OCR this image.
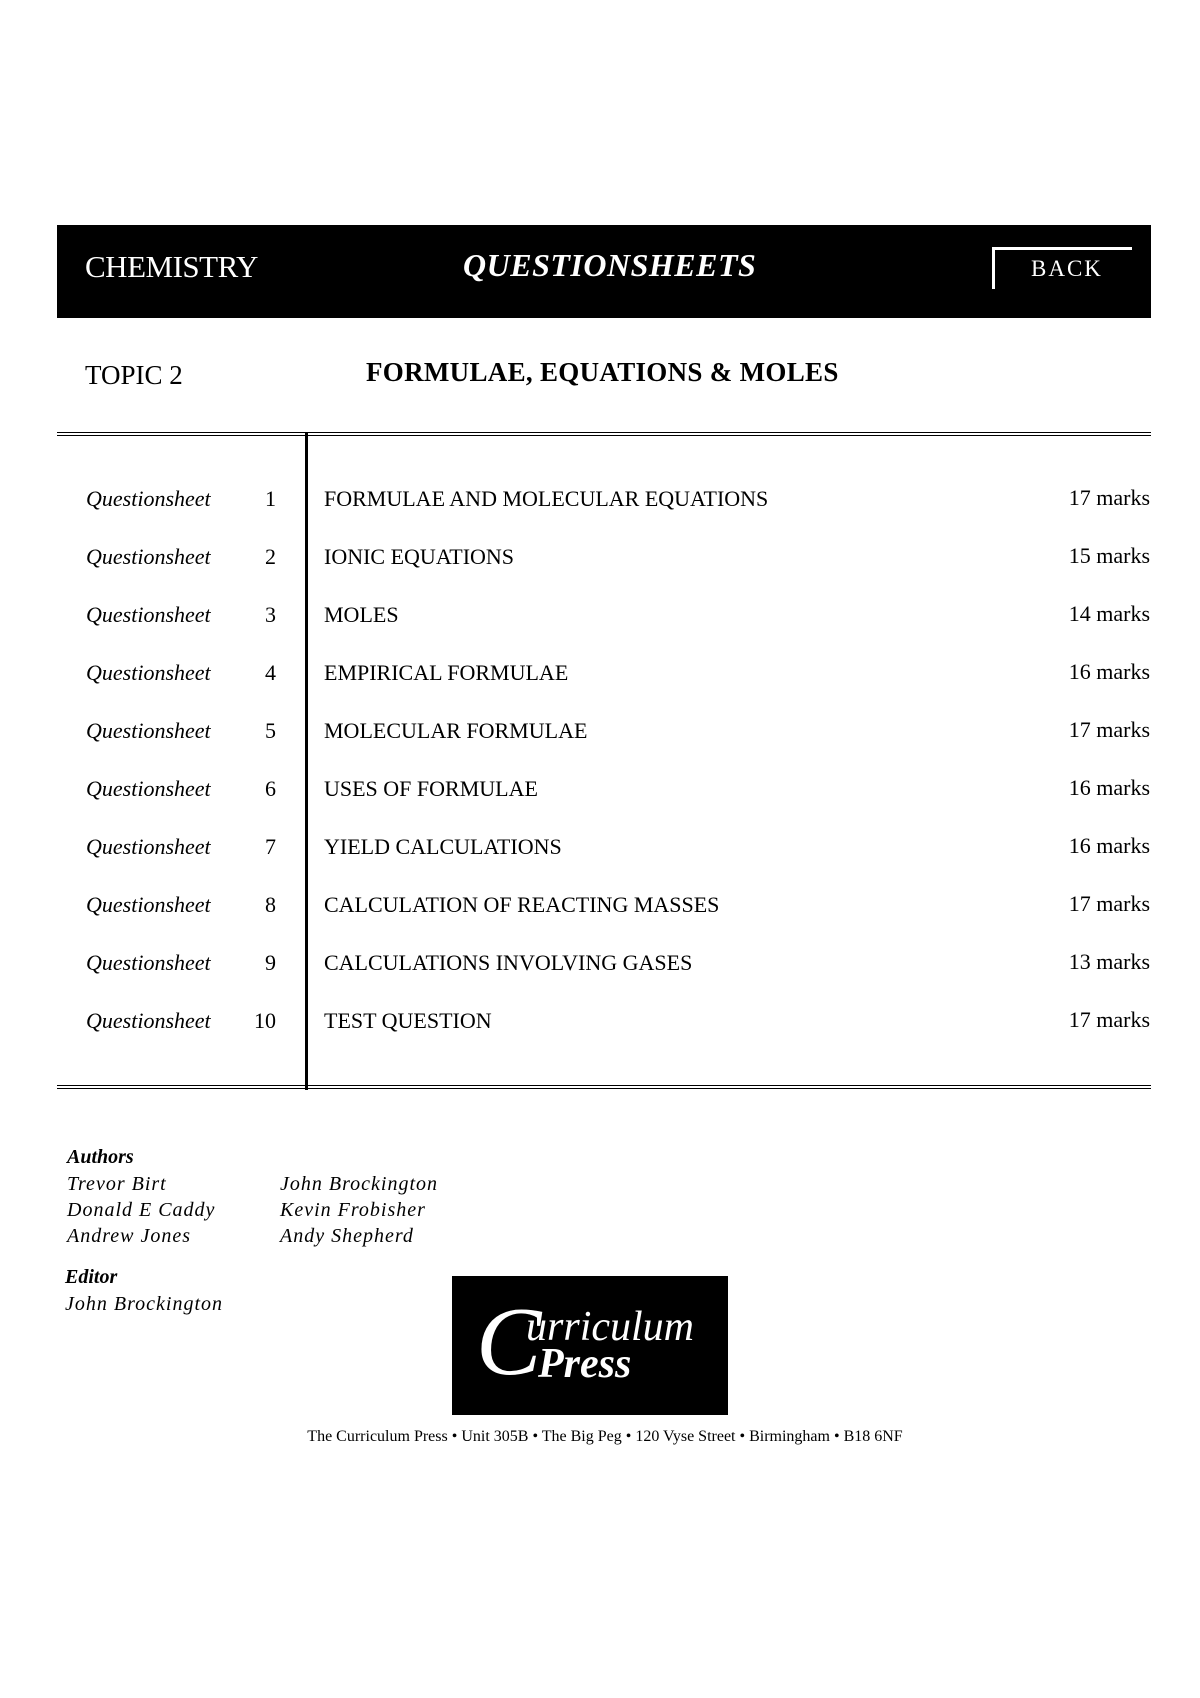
CHEMISTRY	QUESTIONSHEETS	BACK
TOPIC 2	FORMULAE, EQUATIONS & MOLES
Questionsheet	1 FORMULAE AND MOLECULAR EQUATIONS	17 marks
Questionsheet	2 IONIC EQUATIONS	15 marks
Questionsheet	3 MOLES	14 marks
Questionsheet	4 EMPIRICAL FORMULAE	16 marks
Questionsheet	5 MOLECULAR FORMULAE	17 marks
Questionsheet	6 USES OF FORMULAE	16 marks
Questionsheet	7 YIELD CALCULATIONS	16 marks
Questionsheet	8 CALCULATION OF REACTING MASSES	17 marks
Questionsheet	9 CALCULATIONS INVOLVING GASES	13 marks
Questionsheet	10 TEST QUESTION	17 marks
Authors
Trevor Birt
Donald E Caddy
Andrew Jones
John Brockington
Kevin Frobisher
Andy Shepherd
Editor
John Brockington	C
urriculum
Press
The Curriculum Press • Unit 305B • The Big Peg • 120 Vyse Street • Birmingham • B18 6NF
